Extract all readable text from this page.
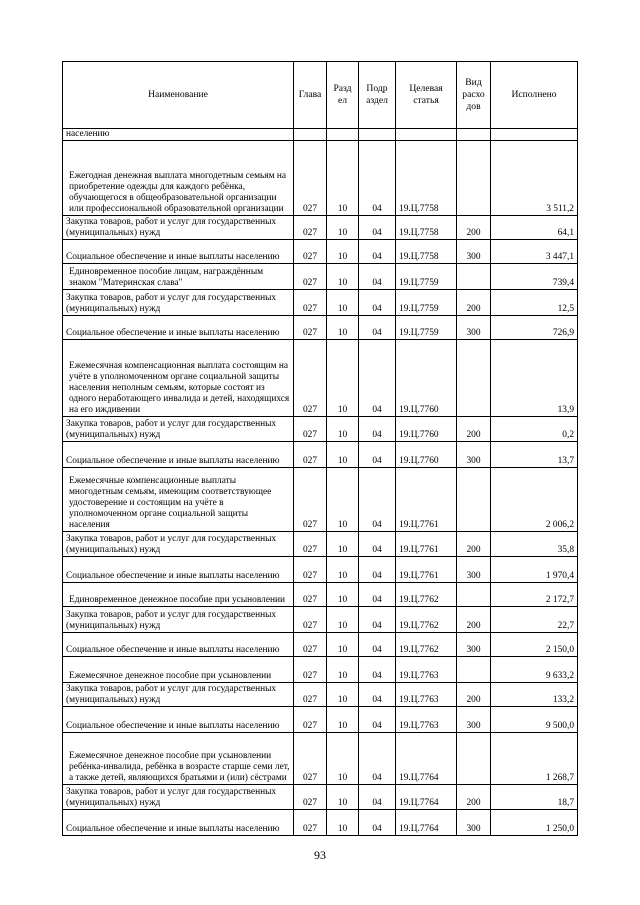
Наименование	Глава	Разд ел	Подр аздел	Целевая статья	Вид расхо дов	Исполнено
населению						

Ежегодная денежная выплата многодетным семьям на приобретение одежды для каждого ребёнка, обучающегося в общеобразовательной организации или профессиональной образовательной организации	027	10	04	19.Ц.7758		3 511,2
Закупка товаров, работ и услуг для государственных (муниципальных) нужд	027	10	04	19.Ц.7758	200	64,1
Социальное обеспечение и иные выплаты населению	027	10	04	19.Ц.7758	300	3 447,1

Единовременное пособие лицам, награждённым знаком "Материнская слава"	027	10	04	19.Ц.7759		739,4
Закупка товаров, работ и услуг для государственных (муниципальных) нужд	027	10	04	19.Ц.7759	200	12,5
Социальное обеспечение и иные выплаты населению	027	10	04	19.Ц.7759	300	726,9

Ежемесячная компенсационная выплата состоящим на учёте в уполномоченном органе социальной защиты населения неполным семьям, которые состоят из одного неработающего инвалида и детей, находящихся на его иждивении	027	10	04	19.Ц.7760		13,9
Закупка товаров, работ и услуг для государственных (муниципальных) нужд	027	10	04	19.Ц.7760	200	0,2
Социальное обеспечение и иные выплаты населению	027	10	04	19.Ц.7760	300	13,7

Ежемесячные компенсационные выплаты многодетным семьям, имеющим соответствующее удостоверение и состоящим на учёте в уполномоченном органе социальной защиты населения	027	10	04	19.Ц.7761		2 006,2
Закупка товаров, работ и услуг для государственных (муниципальных) нужд	027	10	04	19.Ц.7761	200	35,8
Социальное обеспечение и иные выплаты населению	027	10	04	19.Ц.7761	300	1 970,4

Единовременное денежное пособие при усыновлении	027	10	04	19.Ц.7762		2 172,7
Закупка товаров, работ и услуг для государственных (муниципальных) нужд	027	10	04	19.Ц.7762	200	22,7
Социальное обеспечение и иные выплаты населению	027	10	04	19.Ц.7762	300	2 150,0

Ежемесячное денежное пособие при усыновлении	027	10	04	19.Ц.7763		9 633,2
Закупка товаров, работ и услуг для государственных (муниципальных) нужд	027	10	04	19.Ц.7763	200	133,2
Социальное обеспечение и иные выплаты населению	027	10	04	19.Ц.7763	300	9 500,0

Ежемесячное денежное пособие при усыновлении ребёнка-инвалида, ребёнка в возрасте старше семи лет, а также детей, являющихся братьями и (или) сёстрами	027	10	04	19.Ц.7764		1 268,7
Закупка товаров, работ и услуг для государственных (муниципальных) нужд	027	10	04	19.Ц.7764	200	18,7
Социальное обеспечение и иные выплаты населению	027	10	04	19.Ц.7764	300	1 250,0
93
